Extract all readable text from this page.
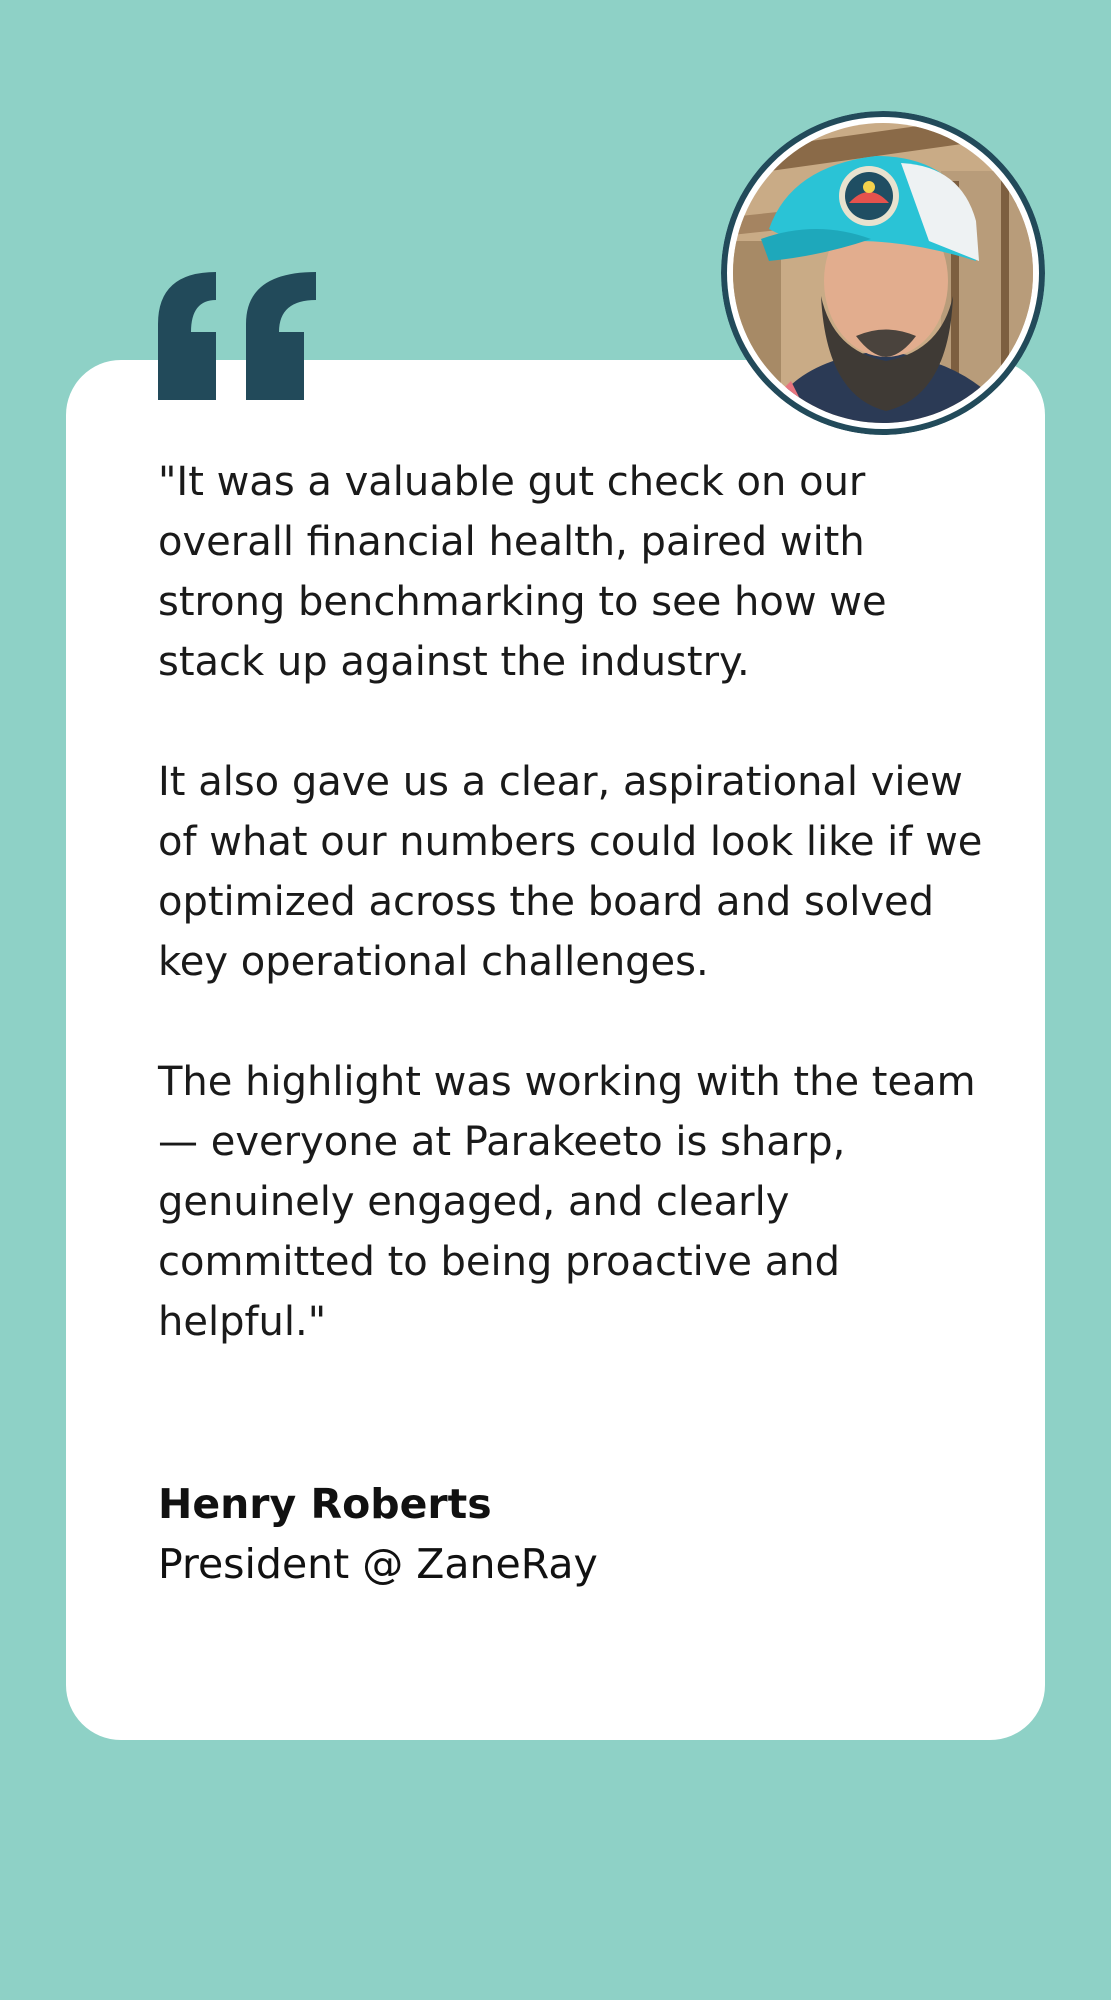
"It was a valuable gut check on our overall financial health, paired with strong benchmarking to see how we stack up against the industry.

It also gave us a clear, aspirational view of what our numbers could look like if we optimized across the board and solved key operational challenges.

The highlight was working with the team — everyone at Parakeeto is sharp, genuinely engaged, and clearly committed to being proactive and helpful."

Henry Roberts
President @ ZaneRay
